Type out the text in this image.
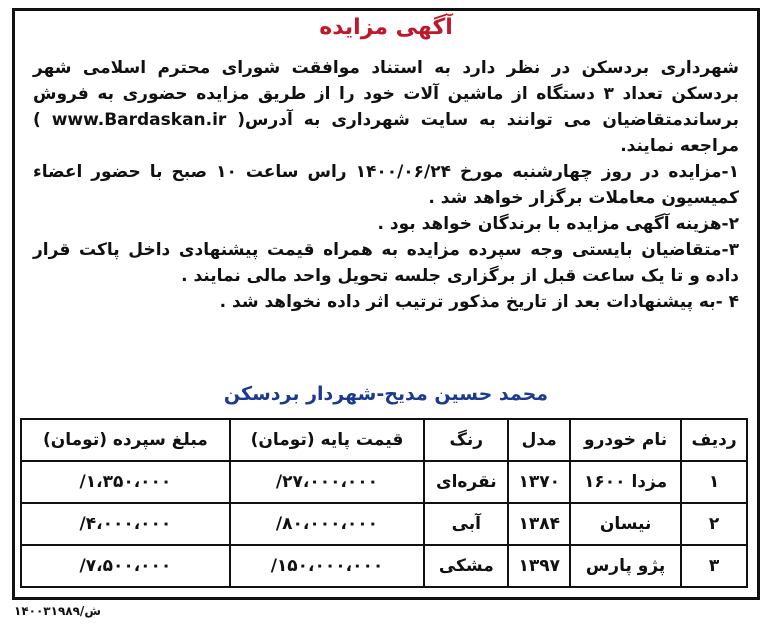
آگهی مزایده

شهرداری بردسکن در نظر دارد به استناد موافقت شورای محترم اسلامی شهر بردسکن تعداد ۳ دستگاه از ماشین آلات خود را از طریق مزایده حضوری به فروش برساندمتقاضیان می توانند به سایت شهرداری به آدرس( www.Bardaskan.ir ) مراجعه نمایند.

۱-مزایده در روز چهارشنبه مورخ ۱۴۰۰/۰۶/۲۴ راس ساعت ۱۰ صبح با حضور اعضاء کمیسیون معاملات برگزار خواهد شد .

۲-هزینه آگهی مزایده با برندگان خواهد بود .

۳-متقاضیان بایستی وجه سپرده مزایده به همراه قیمت پیشنهادی داخل پاکت قرار داده و تا یک ساعت قبل از برگزاری جلسه تحویل واحد مالی نمایند .

۴ -به پیشنهادات بعد از تاریخ مذکور ترتیب اثر داده نخواهد شد .

محمد حسین مدیح-شهردار بردسکن
ردیف	نام خودرو	مدل	رنگ	قیمت پایه (تومان)	مبلغ سپرده (تومان)
۱	مزدا ۱۶۰۰	۱۳۷۰	نقره‌ای	۲۷،۰۰۰،۰۰۰/	۱،۳۵۰،۰۰۰/
۲	نیسان	۱۳۸۴	آبی	۸۰،۰۰۰،۰۰۰/	۴،۰۰۰،۰۰۰/
۳	پژو پارس	۱۳۹۷	مشکی	۱۵۰،۰۰۰،۰۰۰/	۷،۵۰۰،۰۰۰/
۱۴۰۰۳۱۹۸۹/ش
